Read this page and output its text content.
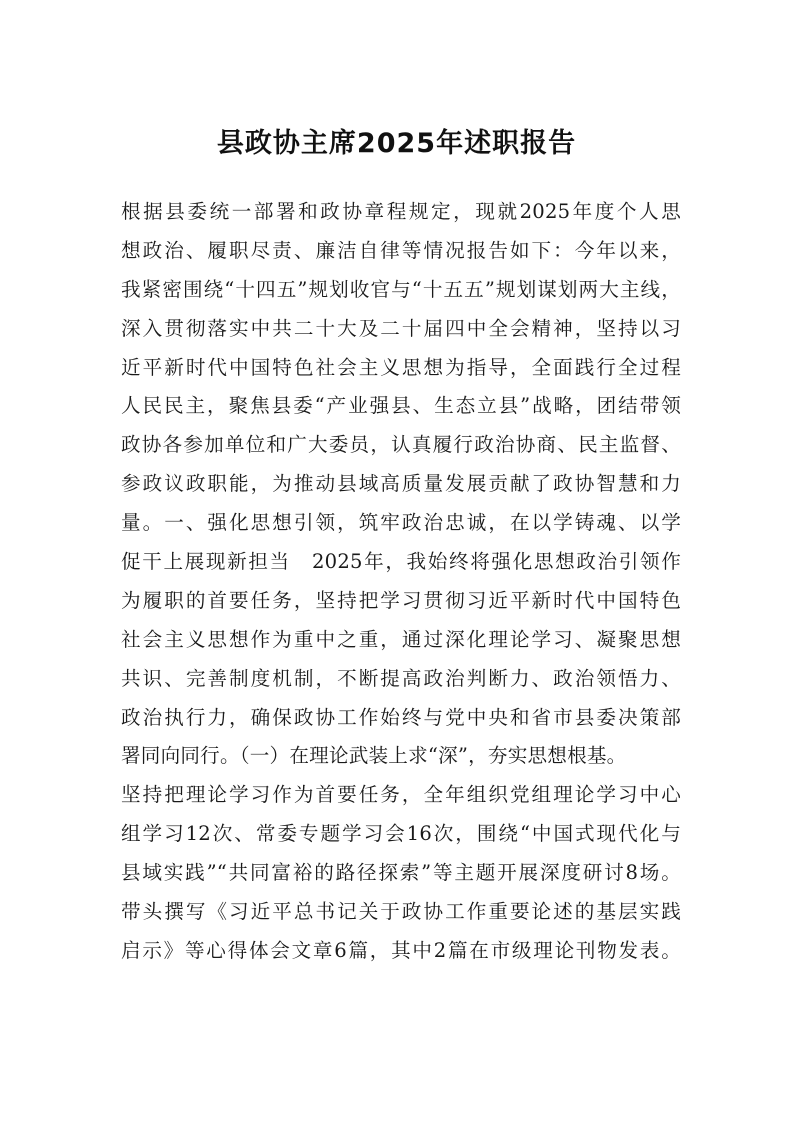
县政协主席2025年述职报告
根据县委统一部署和政协章程规定，现就2025年度个人思
想政治、履职尽责、廉洁自律等情况报告如下：今年以来，
我紧密围绕“十四五”规划收官与“十五五”规划谋划两大主线，
深入贯彻落实中共二十大及二十届四中全会精神，坚持以习
近平新时代中国特色社会主义思想为指导，全面践行全过程
人民民主，聚焦县委“产业强县、生态立县”战略，团结带领
政协各参加单位和广大委员，认真履行政治协商、民主监督、
参政议政职能，为推动县域高质量发展贡献了政协智慧和力
量。一、强化思想引领，筑牢政治忠诚，在以学铸魂、以学
促干上展现新担当　2025年，我始终将强化思想政治引领作
为履职的首要任务，坚持把学习贯彻习近平新时代中国特色
社会主义思想作为重中之重，通过深化理论学习、凝聚思想
共识、完善制度机制，不断提高政治判断力、政治领悟力、
政治执行力，确保政协工作始终与党中央和省市县委决策部
署同向同行。（一）在理论武装上求“深”，夯实思想根基。
坚持把理论学习作为首要任务，全年组织党组理论学习中心
组学习12次、常委专题学习会16次，围绕“中国式现代化与
县域实践”“共同富裕的路径探索”等主题开展深度研讨8场。
带头撰写《习近平总书记关于政协工作重要论述的基层实践
启示》等心得体会文章6篇，其中2篇在市级理论刊物发表。
